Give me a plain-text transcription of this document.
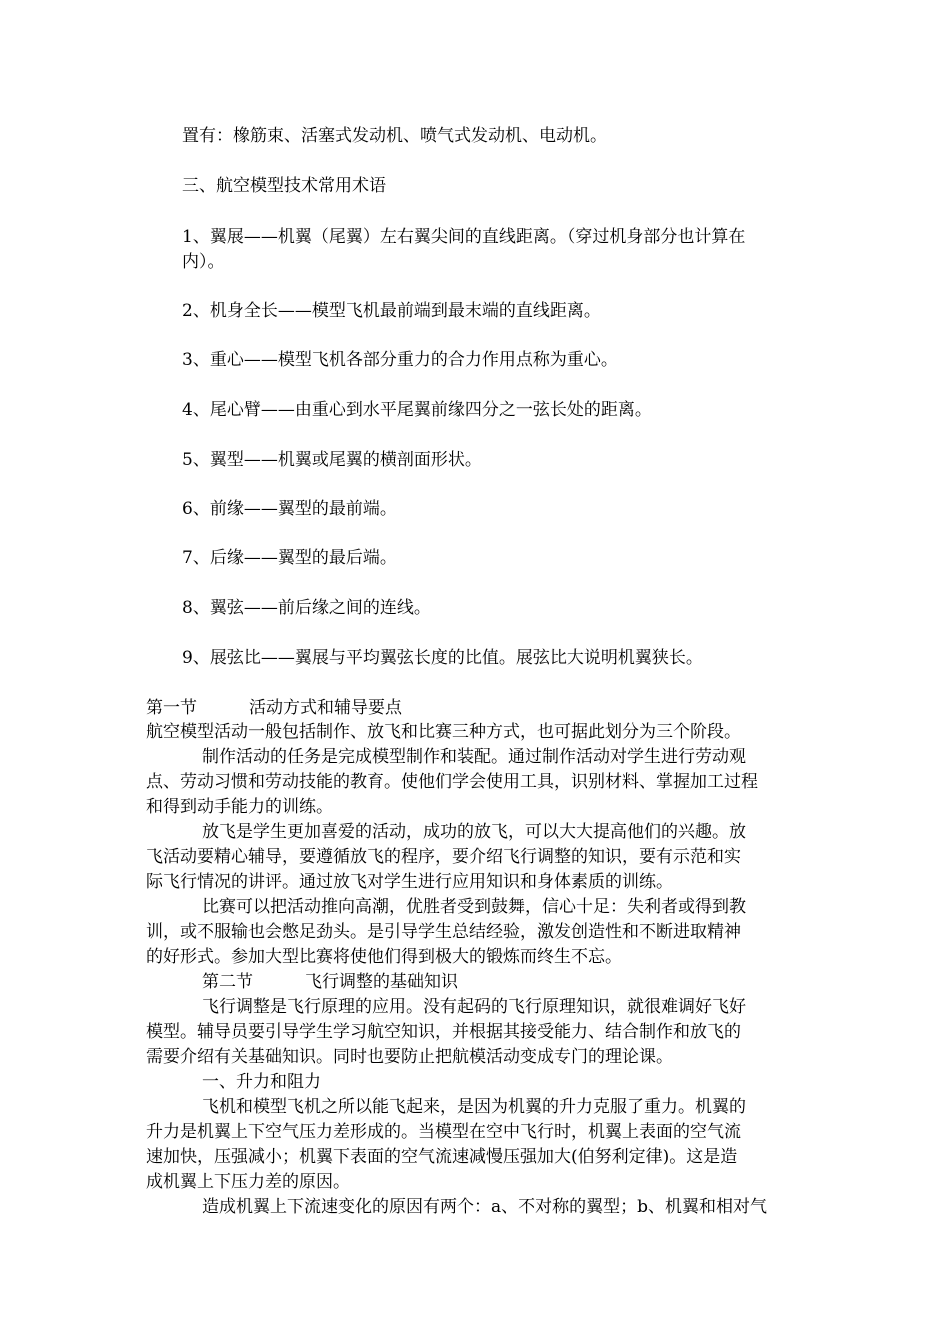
置有：橡筋束、活塞式发动机、喷气式发动机、电动机。
三、航空模型技术常用术语
1、翼展——机翼（尾翼）左右翼尖间的直线距离。（穿过机身部分也计算在
内）。
2、机身全长——模型飞机最前端到最末端的直线距离。
3、重心——模型飞机各部分重力的合力作用点称为重心。
4、尾心臂——由重心到水平尾翼前缘四分之一弦长处的距离。
5、翼型——机翼或尾翼的横剖面形状。
6、前缘——翼型的最前端。
7、后缘——翼型的最后端。
8、翼弦——前后缘之间的连线。
9、展弦比——翼展与平均翼弦长度的比值。展弦比大说明机翼狭长。
第一节	活动方式和辅导要点
航空模型活动一般包括制作、放飞和比赛三种方式，也可据此划分为三个阶段。
制作活动的任务是完成模型制作和装配。通过制作活动对学生进行劳动观
点、劳动习惯和劳动技能的教育。使他们学会使用工具，识别材料、掌握加工过程
和得到动手能力的训练。
放飞是学生更加喜爱的活动，成功的放飞，可以大大提高他们的兴趣。放
飞活动要精心辅导，要遵循放飞的程序，要介绍飞行调整的知识，要有示范和实
际飞行情况的讲评。通过放飞对学生进行应用知识和身体素质的训练。
比赛可以把活动推向高潮，优胜者受到鼓舞，信心十足：失利者或得到教
训，或不服输也会憋足劲头。是引导学生总结经验，激发创造性和不断进取精神
的好形式。参加大型比赛将使他们得到极大的锻炼而终生不忘。
第二节	飞行调整的基础知识
飞行调整是飞行原理的应用。没有起码的飞行原理知识，就很难调好飞好
模型。辅导员要引导学生学习航空知识，并根据其接受能力、结合制作和放飞的
需要介绍有关基础知识。同时也要防止把航模活动变成专门的理论课。
一、升力和阻力
飞机和模型飞机之所以能飞起来，是因为机翼的升力克服了重力。机翼的
升力是机翼上下空气压力差形成的。当模型在空中飞行时，机翼上表面的空气流
速加快，压强减小；机翼下表面的空气流速减慢压强加大(伯努利定律)。这是造
成机翼上下压力差的原因。
造成机翼上下流速变化的原因有两个：a、不对称的翼型；b、机翼和相对气
